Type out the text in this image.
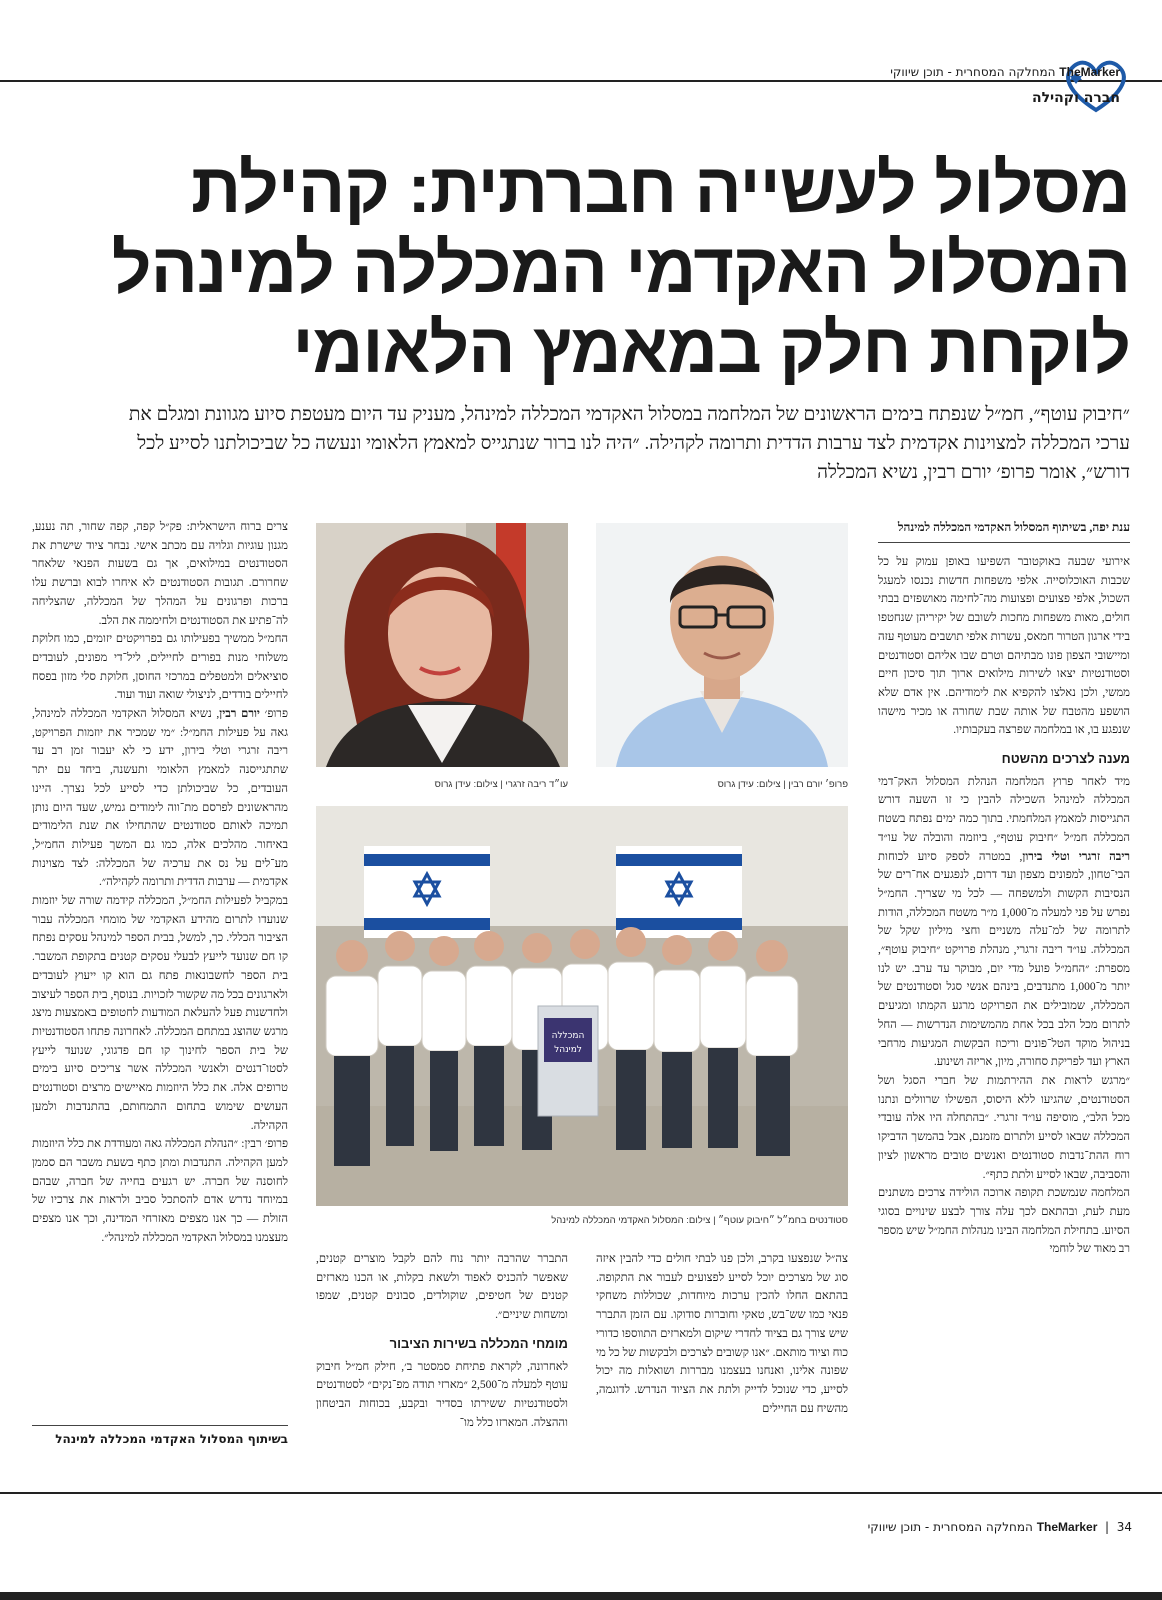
TheMarker המחלקה המסחרית - תוכן שיווקי
חברה וקהילה
מסלול לעשייה חברתית: קהילת המסלול האקדמי המכללה למינהל לוקחת חלק במאמץ הלאומי
״חיבוק עוטף״, חמ״ל שנפתח בימים הראשונים של המלחמה במסלול האקדמי המכללה למינהל, מעניק עד היום מעטפת סיוע מגוונת ומגלם את ערכי המכללה למצוינות אקדמית לצד ערבות הדדית ותרומה לקהילה. ״היה לנו ברור שנתגייס למאמץ הלאומי ונעשה כל שביכולתנו לסייע לכל דורש״, אומר פרופ׳ יורם רבין, נשיא המכללה
ענת יפה, בשיתוף המסלול האקדמי המכללה למינהל

אירועי שבעה באוקטובר השפיעו באופן עמוק על כל שכבות האוכלוסייה. אלפי משפחות חדשות נכנסו למעגל השכול, אלפי פצועים ופצועות מה־לחימה מאושפזים בבתי חולים, מאות משפחות מחכות לשובם של יקיריהן שנחטפו בידי ארגון הטרור חמאס, עשרות אלפי תושבים מעוטף עזה ומיישובי הצפון פונו מבתיהם וטרם שבו אליהם וסטודנטים וסטודנטיות יצאו לשירות מילואים ארוך תוך סיכון חיים ממשי, ולכן נאלצו להקפיא את לימודיהם. אין אדם שלא הושפע מהטבח של אותה שבת שחורה או מכיר מישהו שנפגע בו, או במלחמה שפרצה בעקבותיו.

מענה לצרכים מהשטח

מיד לאחר פרוץ המלחמה הנהלת המסלול האק־דמי המכללה למינהל השכילה להבין כי זו השעה דורש התגייסות למאמץ המלחמתי. בתוך כמה ימים נפתח בשטח המכללה חמ״ל ״חיבוק עוטף״, ביוזמה והובלה של עו״ד ריבה זרגרי וטלי בירון, במטרה לספק סיוע לכוחות הבי־טחון, למפונים מצפון ועד דרום, לנפגעים אח־רים של הנסיבות הקשות ולמשפחה — לכל מי שצריך. החמ״ל נפרש על פני למעלה מ־1,000 מ״ר משטח המכללה, הודות לתרומה של למ־עלה משניים וחצי מיליון שקל של המכללה. עו״ד ריבה זרגרי, מנהלת פרויקט ״חיבוק עוטף״, מספרת: ״החמ״ל פועל מדי יום, מבוקר עד ערב. יש לנו יותר מ־1,000 מתנדבים, בינהם אנשי סגל וסטודנטים של המכללה, שמובילים את הפרויקט מרגע הקמתו ומגיעים לתרום מכל הלב בכל אחת מהמשימות הנדרשות — החל בניהול מוקד הטל־פונים וריכוז הבקשות המגיעות מרחבי הארץ ועד לפריקת סחורה, מיון, אריזה ושינוע.

״מרגש לראות את ההירתמות של חברי הסגל ושל הסטודנטים, שהגיעו ללא היסוס, הפשילו שרוולים ונתנו מכל הלב״, מוסיפה עו״ד זרגרי. ״בהתחלה היו אלה עובדי המכללה שבאו לסייע ולתרום מזמנם, אבל בהמשך הדביקו רוח ההת־נדבות סטודנטים ואנשים טובים מראשון לציון והסביבה, שבאו לסייע ולתת כתף״.

המלחמה שנמשכת תקופה ארוכה הולידה צרכים משתנים מעת לעת, ובהתאם לכך עלה צורך לבצע שינויים בסוגי הסיוע. בתחילת המלחמה הבינו מנהלות החמ״ל שיש מספר רב מאוד של לוחמי

פרופ׳ יורם רבין | צילום: עידן גרוס
עו״ד ריבה זרגרי | צילום: עידן גרוס
המכללה
למינהל
סטודנטים בחמ״ל ״חיבוק עוטף״ | צילום: המסלול האקדמי המכללה למינהל

צה״ל שנפצעו בקרב, ולכן פנו לבתי חולים כדי להבין איזה סוג של מצרכים יוכל לסייע לפצועים לעבור את התקופה. בהתאם החלו להכין ערכות מיוחדות, שכוללות משחקי פנאי כמו שש־בש, טאקי וחוברות סודוקו. עם הזמן התברר שיש צורך גם בציוד לחדרי שיקום ולמארזים התווספו כדורי כוח וציוד מותאם. ״אנו קשובים לצרכים ולבקשות של כל מי שפונה אלינו, ואנחנו בעצמנו מבררות ושואלות מה יכול לסייע, כדי שנוכל לדייק ולתת את הציוד הנדרש. לדוגמה, מהשיח עם החיילים

התברר שהרבה יותר נוח להם לקבל מוצרים קטנים, שאפשר להכניס לאפוד ולשאת בקלות, או הכנו מארזים קטנים של חטיפים, שוקולדים, סבונים קטנים, שמפו ומשחות שיניים״.

מומחי המכללה בשירות הציבור

לאחרונה, לקראת פתיחת סמסטר ב׳, חילק חמ״ל חיבוק עוטף למעלה מ־2,500 ״מארזי תודה מפ־נקים״ לסטודנטים ולסטודנטיות ששירתו בסדיר ובקבע, בכוחות הביטחון וההצלה. המארזו כלל מו־

צרים ברוח הישראלית: פק״ל קפה, קפה שחור, תה נענע, מגנון עוגיות וגלויה עם מכתב אישי. נבחר ציוד שישרת את הסטודנטים במילואים, אך גם בשעות הפנאי שלאחר שחרורם. תגובות הסטודנטים לא איחרו לבוא וברשת עלו ברכות ופרגונים על המהלך של המכללה, שהצליחה לה־פתיע את הסטודנטים ולחיממה את הלב.

החמ״ל ממשיך בפעילותו גם בפרויקטים יזומים, כמו חלוקת משלוחי מנות בפורים לחיילים, ליל־די מפונים, לעובדים סוציאלים ולמטפלים במרכזי החוסן, חלוקת סלי מזון בפסח לחיילים בודדים, לניצולי שואה ועוד ועוד.

פרופ׳ יורם רבין, נשיא המסלול האקדמי המכללה למינהל, גאה על פעילות החמ״ל: ״מי שמכיר את יוזמות הפרויקט, ריבה זרגרי וטלי בירון, ידע כי לא יעבור זמן רב עד שתתגייסנה למאמץ הלאומי ותעשנה, ביחד עם יתר העובדים, כל שביכולתן כדי לסייע לכל נצרך. היינו מהראשונים לפרסם מת־ווה לימודים גמיש, שעד היום נותן תמיכה לאותם סטודנטים שהתחילו את שנת הלימודים באיחור. מהלכים אלה, כמו גם המשך פעילות החמ״ל, מע־לים על נס את ערכיה של המכללה: לצד מצוינות אקדמית — ערבות הדדית ותרומה לקהילה״.

במקביל לפעילות החמ״ל, המכללה קידמה שורה של יוזמות שנועדו לתרום מהידע האקדמי של מומחי המכללה עבור הציבור הכללי. כך, למשל, בבית הספר למינהל עסקים נפתח קו חם שנועד לייעץ לבעלי עסקים קטנים בתקופת המשבר. בית הספר לחשבונאות פתח גם הוא קו ייעוץ לעובדים ולארגונים בכל מה שקשור לזכויות. בנוסף, בית הספר לעיצוב ולחדשנות פעל להעלאת המודעות לחטופים באמצעות מיצג מרגש שהוצג במתחם המכללה. לאחרונה פתחו הסטודנטיות של בית הספר לחינוך קו חם פדגוגי, שנועד לייעץ לסטו־דנטים ולאנשי המכללה אשר צריכים סיוע בימים טרופים אלה. את כלל היוזמות מאיישים מרצים וסטודנטים העושים שימוש בתחום התמחותם, בהתנדבות ולמען הקהילה.

פרופ׳ רבין: ״הנהלת המכללה גאה ומעודדת את כלל היוזמות למען הקהילה. התנדבות ומתן כתף בשעת משבר הם סממן לחוסנה של חברה. יש רגעים בחייה של חברה, שבהם במיוחד נדרש אדם להסתכל סביב ולראות את צרכיו של הזולת — כך אנו מצפים מאזרחי המדינה, וכך אנו מצפים מעצמנו במסלול האקדמי המכללה למינהל״.

בשיתוף המסלול האקדמי המכללה למינהל
34  |  TheMarker המחלקה המסחרית - תוכן שיווקי
